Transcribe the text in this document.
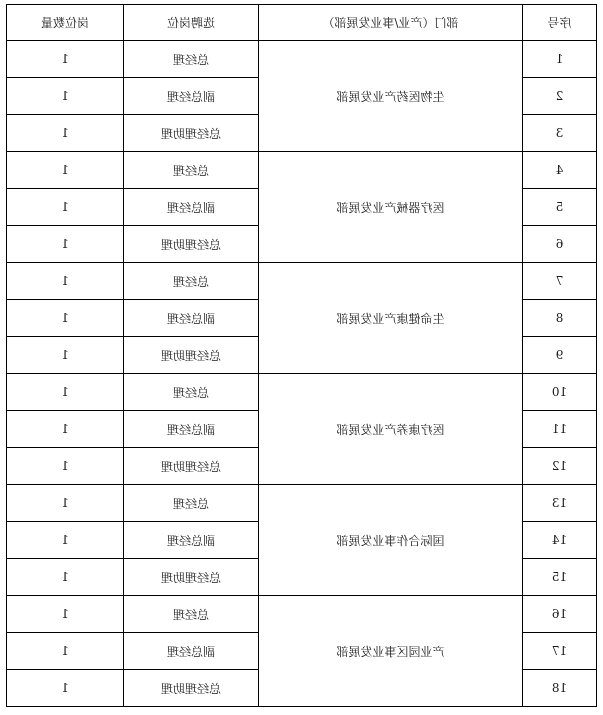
序号	部门（产业/事业发展部）	选聘岗位	岗位数量
1	生物医药产业发展部	总经理	1
2		副总经理	1
3		总经理助理	1
4	医疗器械产业发展部	总经理	1
5		副总经理	1
6		总经理助理	1
7	生命健康产业发展部	总经理	1
8		副总经理	1
9		总经理助理	1
10	医疗康养产业发展部	总经理	1
11		副总经理	1
12		总经理助理	1
13	国际合作事业发展部	总经理	1
14		副总经理	1
15		总经理助理	1
16	产业园区事业发展部	总经理	1
17		副总经理	1
18		总经理助理	1
